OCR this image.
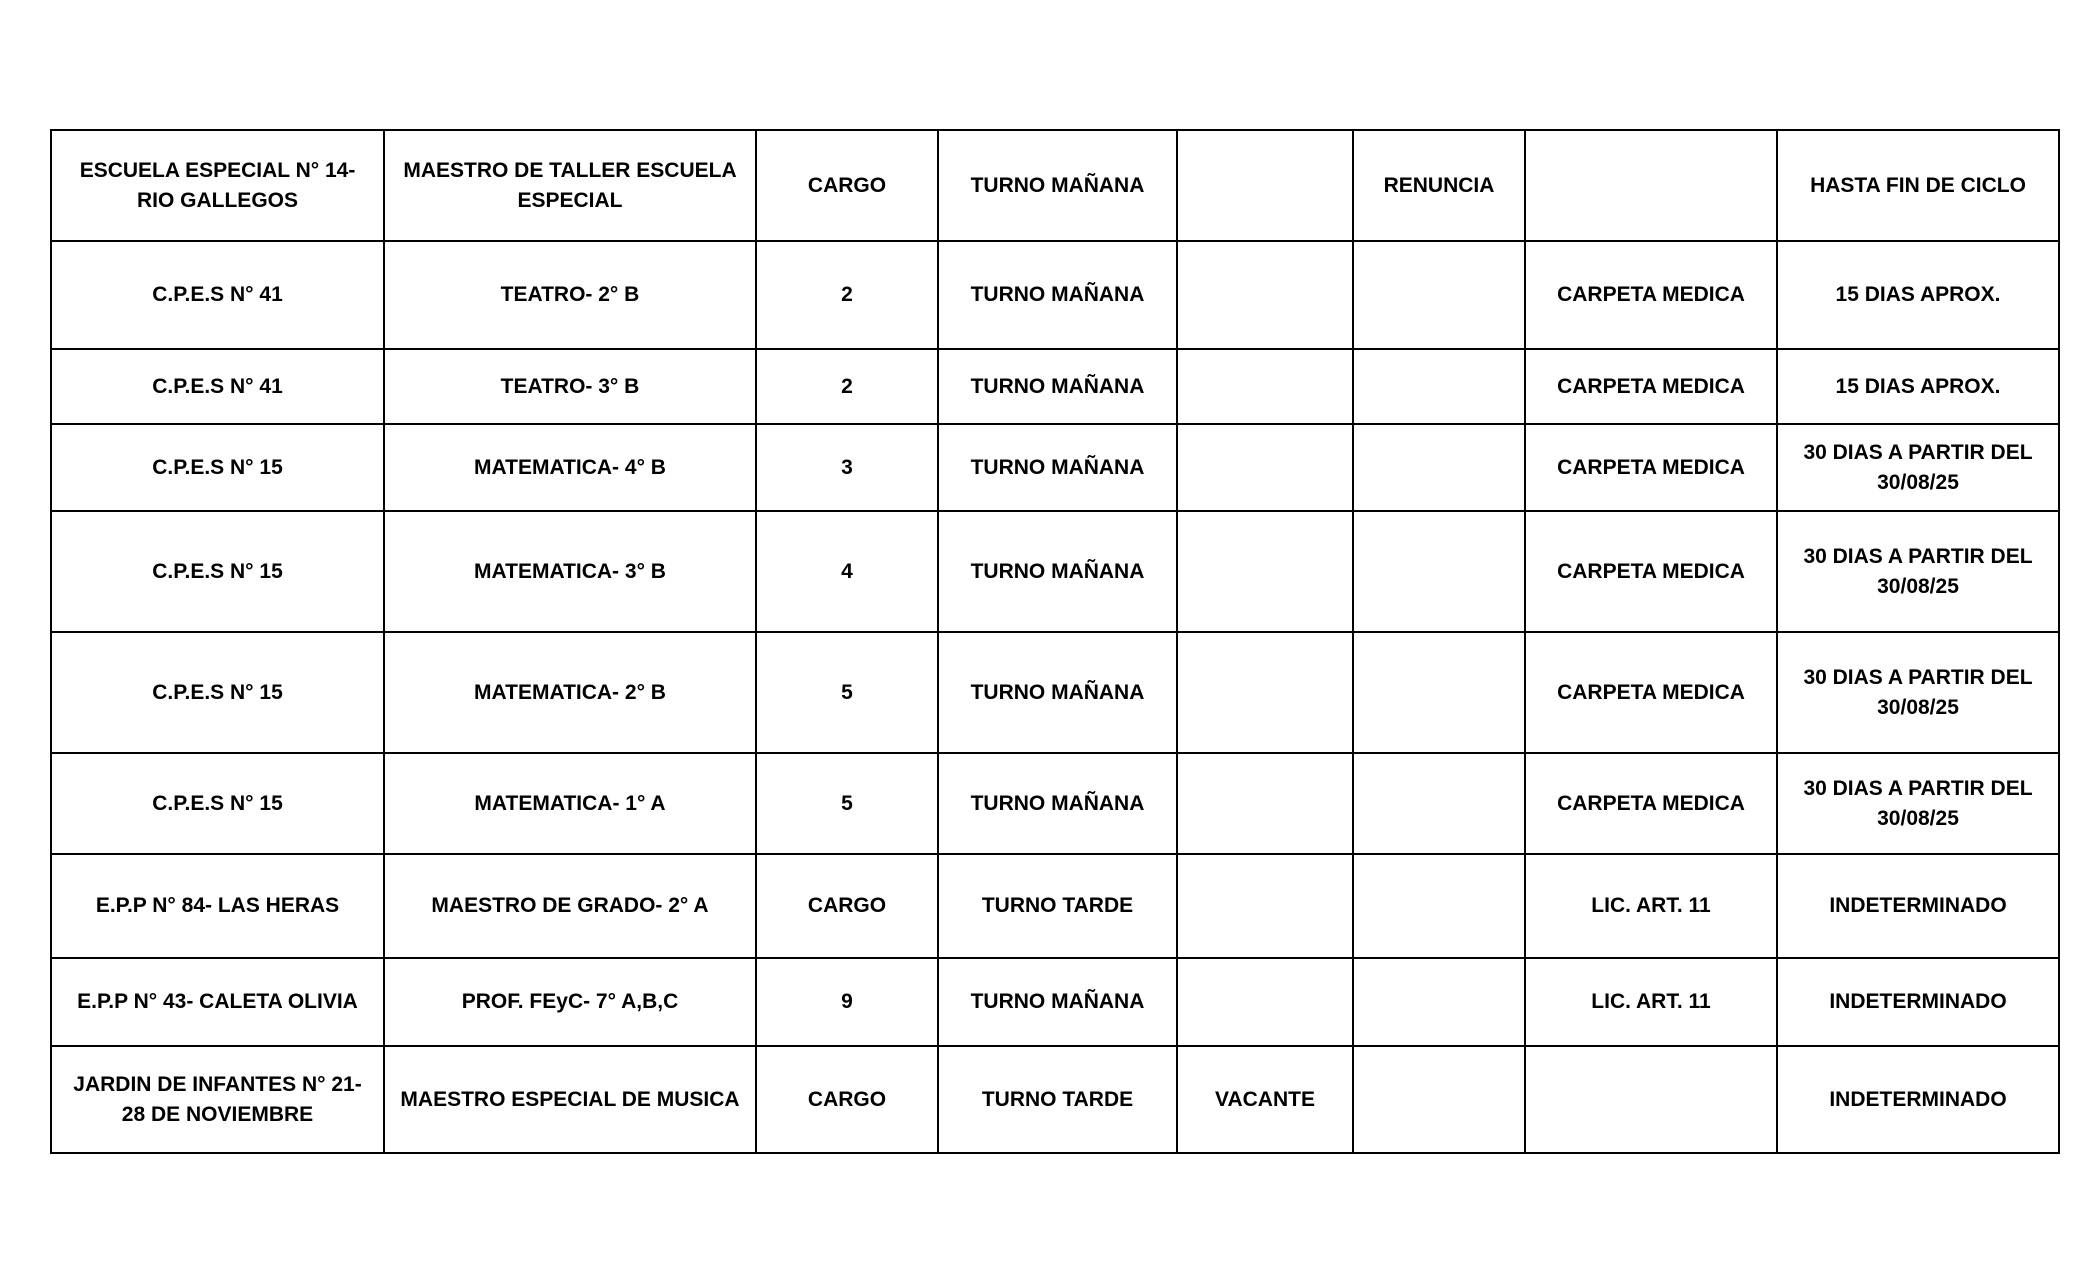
ESCUELA ESPECIAL N° 14- RIO GALLEGOS	MAESTRO DE TALLER ESCUELA ESPECIAL	CARGO	TURNO MAÑANA		RENUNCIA		HASTA FIN DE CICLO
C.P.E.S N° 41	TEATRO- 2° B	2	TURNO MAÑANA			CARPETA MEDICA	15 DIAS APROX.
C.P.E.S N° 41	TEATRO- 3° B	2	TURNO MAÑANA			CARPETA MEDICA	15 DIAS APROX.
C.P.E.S N° 15	MATEMATICA- 4° B	3	TURNO MAÑANA			CARPETA MEDICA	30 DIAS A PARTIR DEL 30/08/25
C.P.E.S N° 15	MATEMATICA- 3° B	4	TURNO MAÑANA			CARPETA MEDICA	30 DIAS A PARTIR DEL 30/08/25
C.P.E.S N° 15	MATEMATICA- 2° B	5	TURNO MAÑANA			CARPETA MEDICA	30 DIAS A PARTIR DEL 30/08/25
C.P.E.S N° 15	MATEMATICA- 1° A	5	TURNO MAÑANA			CARPETA MEDICA	30 DIAS A PARTIR DEL 30/08/25
E.P.P N° 84- LAS HERAS	MAESTRO DE GRADO- 2° A	CARGO	TURNO TARDE			LIC. ART. 11	INDETERMINADO
E.P.P N° 43- CALETA OLIVIA	PROF. FEyC- 7° A,B,C	9	TURNO MAÑANA			LIC. ART. 11	INDETERMINADO
JARDIN DE INFANTES N° 21- 28 DE NOVIEMBRE	MAESTRO ESPECIAL DE MUSICA	CARGO	TURNO TARDE	VACANTE			INDETERMINADO
